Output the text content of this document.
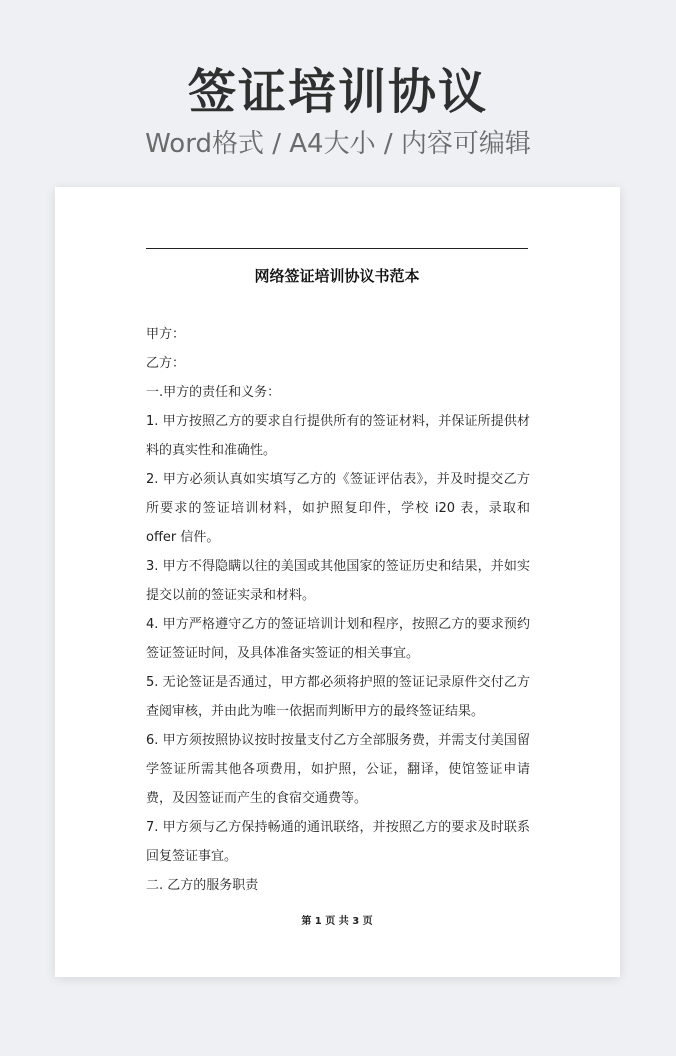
签证培训协议
Word格式 / A4大小 / 内容可编辑
网络签证培训协议书范本

甲方：

乙方：

一.甲方的责任和义务：

1. 甲方按照乙方的要求自行提供所有的签证材料，并保证所提供材料的真实性和准确性。

2. 甲方必须认真如实填写乙方的《签证评估表》，并及时提交乙方所要求的签证培训材料，如护照复印件，学校 i20 表，录取和 offer 信件。

3. 甲方不得隐瞒以往的美国或其他国家的签证历史和结果，并如实提交以前的签证实录和材料。

4. 甲方严格遵守乙方的签证培训计划和程序，按照乙方的要求预约签证签证时间，及具体准备实签证的相关事宜。

5. 无论签证是否通过，甲方都必须将护照的签证记录原件交付乙方查阅审核，并由此为唯一依据而判断甲方的最终签证结果。

6. 甲方须按照协议按时按量支付乙方全部服务费，并需支付美国留学签证所需其他各项费用，如护照，公证，翻译，使馆签证申请费，及因签证而产生的食宿交通费等。

7. 甲方须与乙方保持畅通的通讯联络，并按照乙方的要求及时联系回复签证事宜。

二. 乙方的服务职责

第 1 页 共 3 页
